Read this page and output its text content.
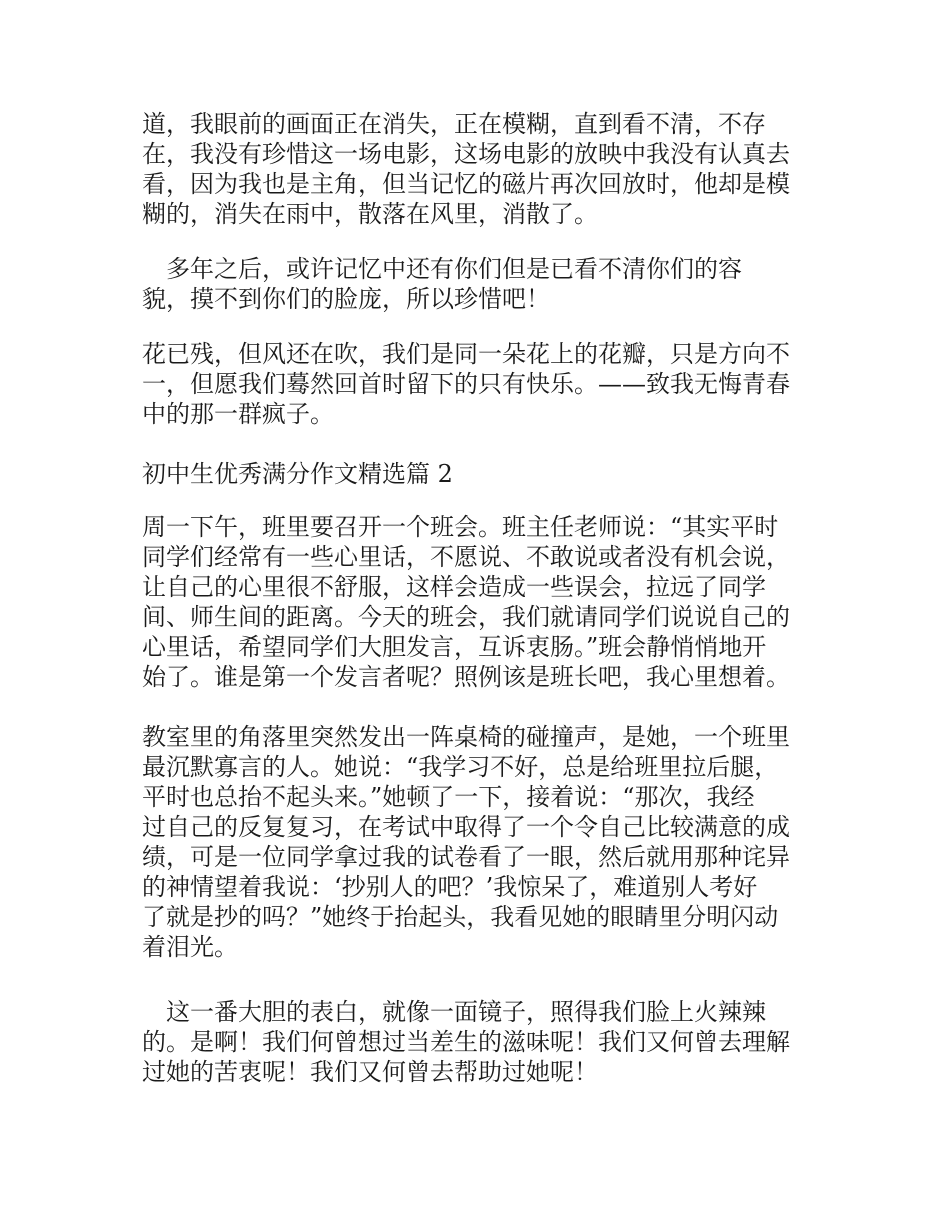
道，我眼前的画面正在消失，正在模糊，直到看不清，不存
在，我没有珍惜这一场电影，这场电影的放映中我没有认真去
看，因为我也是主角，但当记忆的磁片再次回放时，他却是模
糊的，消失在雨中，散落在风里，消散了。
　多年之后，或许记忆中还有你们但是已看不清你们的容
貌，摸不到你们的脸庞，所以珍惜吧！
花已残，但风还在吹，我们是同一朵花上的花瓣，只是方向不
一，但愿我们蓦然回首时留下的只有快乐。——致我无悔青春
中的那一群疯子。
初中生优秀满分作文精选篇 2
周一下午，班里要召开一个班会。班主任老师说：“其实平时
同学们经常有一些心里话，不愿说、不敢说或者没有机会说，
让自己的心里很不舒服，这样会造成一些误会，拉远了同学
间、师生间的距离。今天的班会，我们就请同学们说说自己的
心里话，希望同学们大胆发言，互诉衷肠。”班会静悄悄地开
始了。谁是第一个发言者呢？照例该是班长吧，我心里想着。
教室里的角落里突然发出一阵桌椅的碰撞声，是她，一个班里
最沉默寡言的人。她说：“我学习不好，总是给班里拉后腿，
平时也总抬不起头来。”她顿了一下，接着说：“那次，我经
过自己的反复复习，在考试中取得了一个令自己比较满意的成
绩，可是一位同学拿过我的试卷看了一眼，然后就用那种诧异
的神情望着我说：‘抄别人的吧？’我惊呆了，难道别人考好
了就是抄的吗？”她终于抬起头，我看见她的眼睛里分明闪动
着泪光。
　这一番大胆的表白，就像一面镜子，照得我们脸上火辣辣
的。是啊！我们何曾想过当差生的滋味呢！我们又何曾去理解
过她的苦衷呢！我们又何曾去帮助过她呢！
